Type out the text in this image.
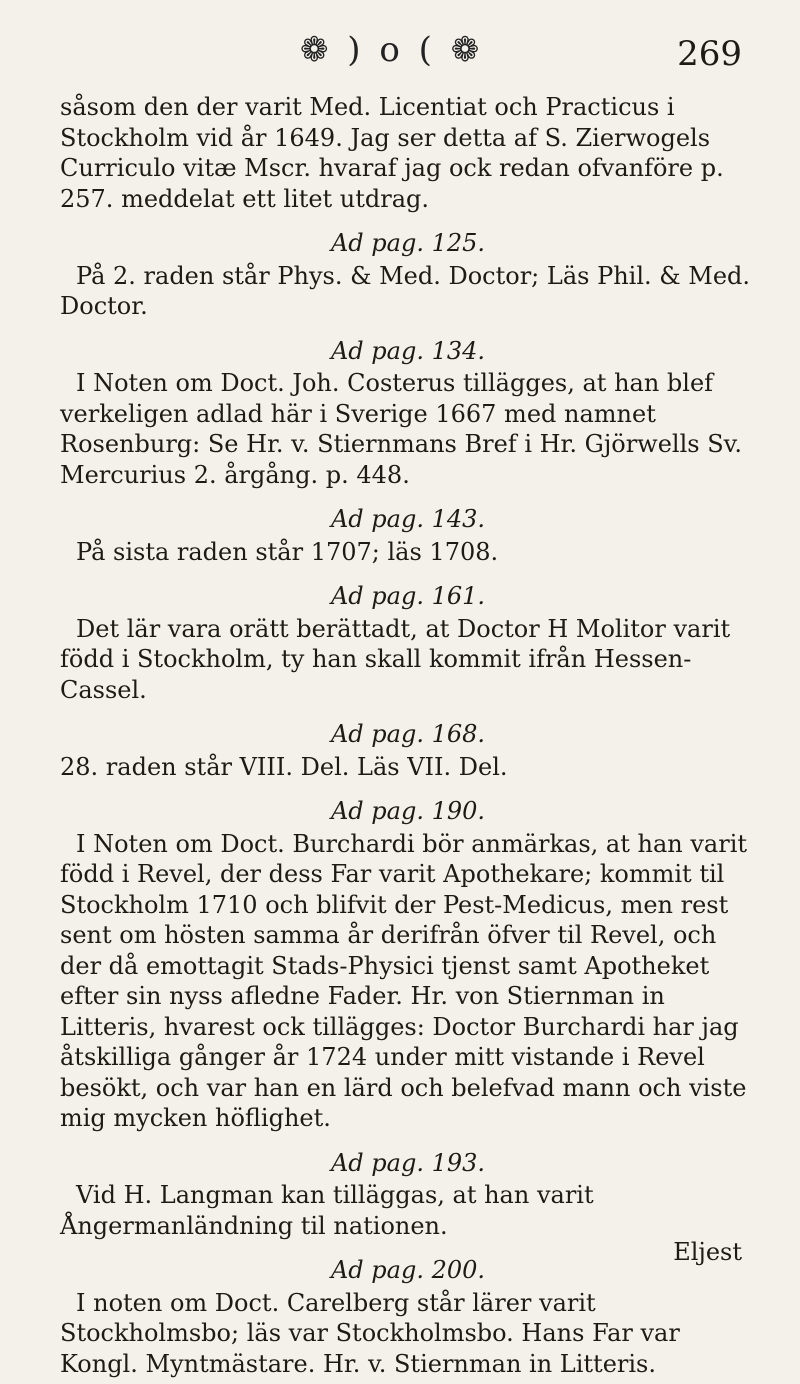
❁ ) o ( ❁	269

såsom den der varit Med. Licentiat och Practicus i Stockholm vid år 1649. Jag ser detta af S. Zierwogels Curriculo vitæ Mscr. hvaraf jag ock redan ofvanföre p. 257. meddelat ett litet utdrag.

Ad pag. 125.

På 2. raden står Phys. & Med. Doctor; Läs Phil. & Med. Doctor.

Ad pag. 134.

I Noten om Doct. Joh. Costerus tillägges, at han blef verkeligen adlad här i Sverige 1667 med namnet Rosenburg: Se Hr. v. Stiernmans Bref i Hr. Gjörwells Sv. Mercurius 2. årgång. p. 448.

Ad pag. 143.

På sista raden står 1707; läs 1708.

Ad pag. 161.

Det lär vara orätt berättadt, at Doctor H Molitor varit född i Stockholm, ty han skall kommit ifrån Hessen-Cassel.

Ad pag. 168.

28. raden står VIII. Del. Läs VII. Del.

Ad pag. 190.

I Noten om Doct. Burchardi bör anmärkas, at han varit född i Revel, der dess Far varit Apothekare; kommit til Stockholm 1710 och blifvit der Pest-Medicus, men rest sent om hösten samma år derifrån öfver til Revel, och der då emottagit Stads-Physici tjenst samt Apotheket efter sin nyss afledne Fader. Hr. von Stiernman in Litteris, hvarest ock tillägges: Doctor Burchardi har jag åtskilliga gånger år 1724 under mitt vistande i Revel besökt, och var han en lärd och belefvad mann och viste mig mycken höflighet.

Ad pag. 193.

Vid H. Langman kan tilläggas, at han varit Ångermanländning til nationen.

Ad pag. 200.

I noten om Doct. Carelberg står lärer varit Stockholmsbo; läs var Stockholmsbo. Hans Far var Kongl. Myntmästare. Hr. v. Stiernman in Litteris.

Eljest
